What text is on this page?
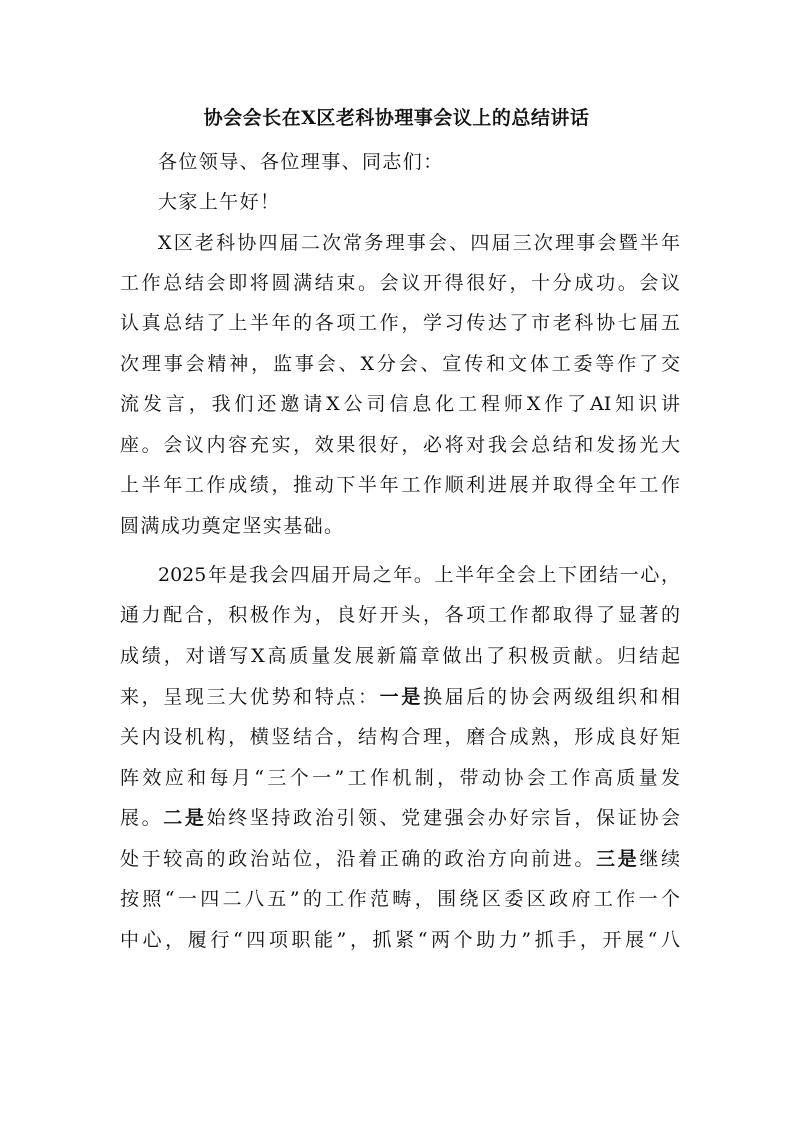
协会会长在X区老科协理事会议上的总结讲话
各位领导、各位理事、同志们：
大家上午好！
X区老科协四届二次常务理事会、四届三次理事会暨半年
工作总结会即将圆满结束。会议开得很好，十分成功。会议
认真总结了上半年的各项工作，学习传达了市老科协七届五
次理事会精神，监事会、X分会、宣传和文体工委等作了交
流发言，我们还邀请X公司信息化工程师X作了AI知识讲
座。会议内容充实，效果很好，必将对我会总结和发扬光大
上半年工作成绩，推动下半年工作顺利进展并取得全年工作
圆满成功奠定坚实基础。
2025年是我会四届开局之年。上半年全会上下团结一心，
通力配合，积极作为，良好开头，各项工作都取得了显著的
成绩，对谱写X高质量发展新篇章做出了积极贡献。归结起
来，呈现三大优势和特点：一是换届后的协会两级组织和相
关内设机构，横竖结合，结构合理，磨合成熟，形成良好矩
阵效应和每月“三个一”工作机制，带动协会工作高质量发
展。二是始终坚持政治引领、党建强会办好宗旨，保证协会
处于较高的政治站位，沿着正确的政治方向前进。三是继续
按照“一四二八五”的工作范畴，围绕区委区政府工作一个
中心，履行“四项职能”，抓紧“两个助力”抓手，开展“八
